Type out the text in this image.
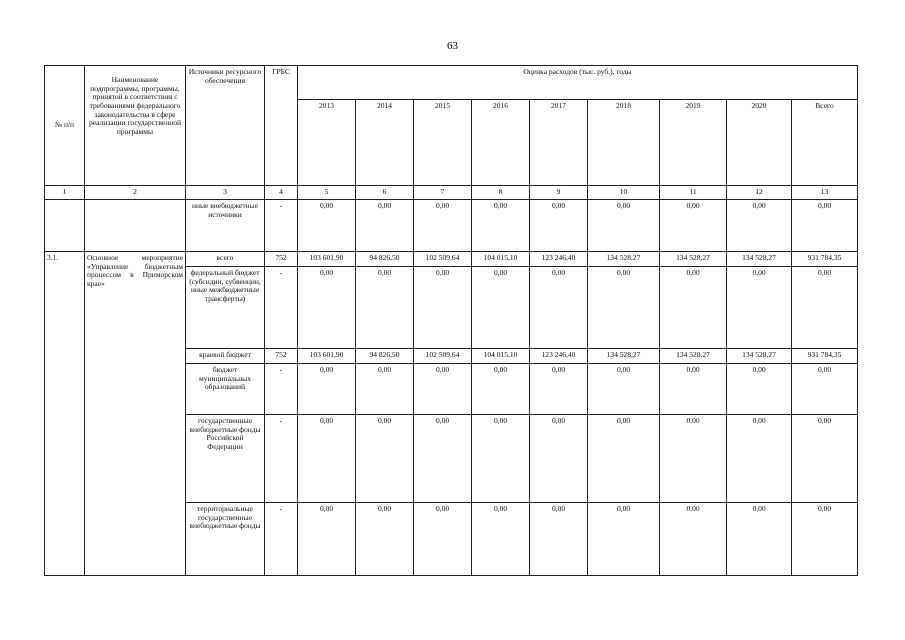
63
№ п/п	Наименование подпрограммы, программы, принятой в соответствии с требованиями федерального законодательства в сфере реализации государственной программы	Источники ресурсного обеспечения	ГРБС	Оценка расходов (тыс. руб.), годы								
				2013	2014	2015	2016	2017	2018	2019	2020	Всего
1	2	3	4	5	6	7	8	9	10	11	12	13
		иные внебюджетные источники	-	0,00	0,00	0,00	0,00	0,00	0,00	0,00	0,00	0,00
3.1.	Основное мероприятие «Управление бюджетным процессом в Приморском крае»	всего	752	103 601,90	94 826,50	102 509,64	104 015,10	123 246,40	134 528,27	134 528,27	134 528,27	931 784,35
		федеральный бюджет (субсидии, субвенции, иные межбюджетные трансферты)	-	0,00	0,00	0,00	0,00	0,00	0,00	0,00	0,00	0,00
		краевой бюджет	752	103 601,90	94 826,50	102 509,64	104 015,10	123 246,40	134 528,27	134 528,27	134 528,27	931 784,35
		бюджет муниципальных образований	-	0,00	0,00	0,00	0,00	0,00	0,00	0,00	0,00	0,00
		государственные внебюджетные фонды Российской Федерации	-	0,00	0,00	0,00	0,00	0,00	0,00	0,00	0,00	0,00
		территориальные государственные внебюджетные фонды	-	0,00	0,00	0,00	0,00	0,00	0,00	0,00	0,00	0,00
